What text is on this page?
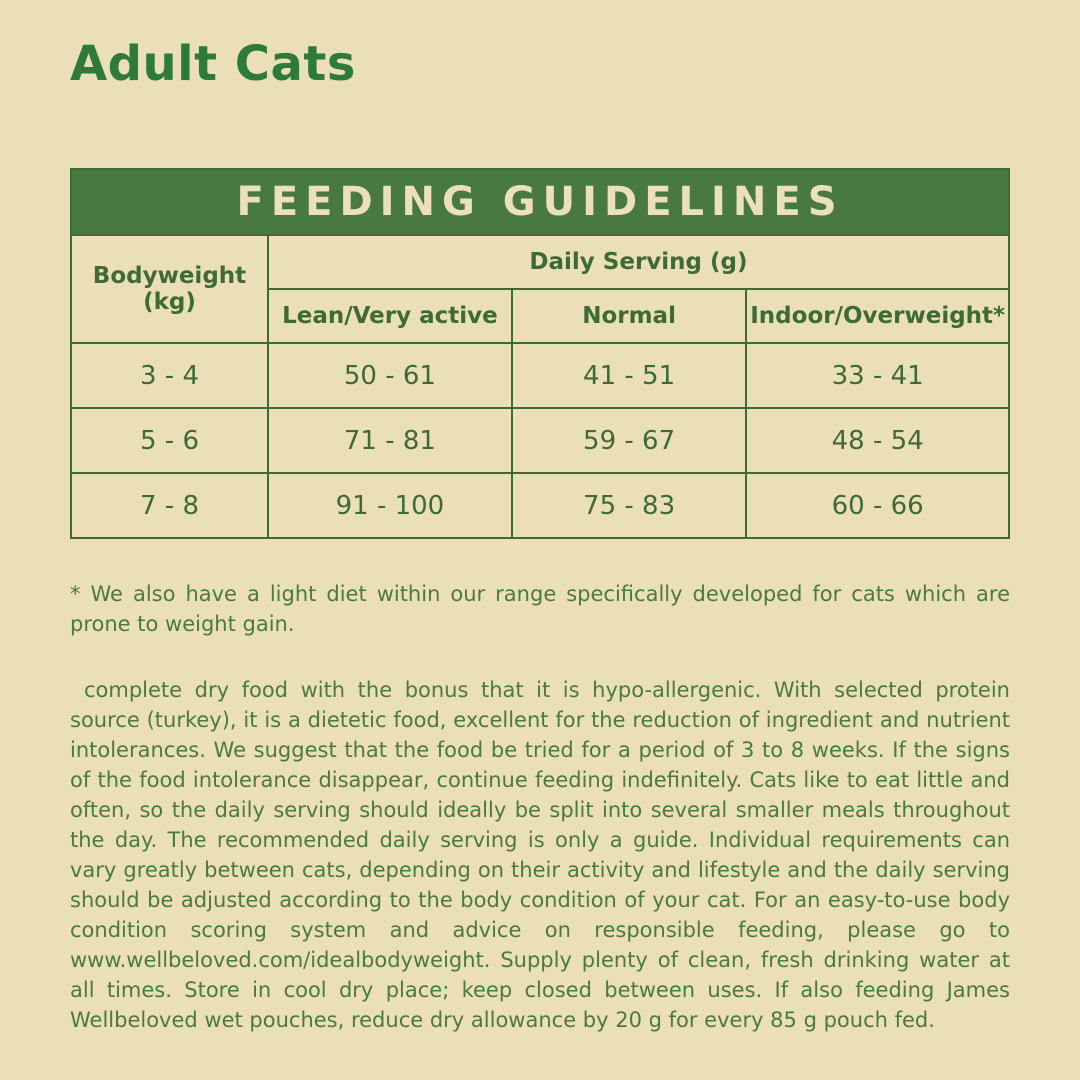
Adult Cats
FEEDING GUIDELINES			
Bodyweight (kg)	Daily Serving (g)		
	Lean/Very active	Normal	Indoor/Overweight*
3 - 4	50 - 61	41 - 51	33 - 41
5 - 6	71 - 81	59 - 67	48 - 54
7 - 8	91 - 100	75 - 83	60 - 66

* We also have a light diet within our range specifically developed for cats which are prone to weight gain.

complete dry food with the bonus that it is hypo-allergenic. With selected protein source (turkey), it is a dietetic food, excellent for the reduction of ingredient and nutrient intolerances. We suggest that the food be tried for a period of 3 to 8 weeks. If the signs of the food intolerance disappear, continue feeding indefinitely. Cats like to eat little and often, so the daily serving should ideally be split into several smaller meals throughout the day. The recommended daily serving is only a guide. Individual requirements can vary greatly between cats, depending on their activity and lifestyle and the daily serving should be adjusted according to the body condition of your cat. For an easy-to-use body condition scoring system and advice on responsible feeding, please go to www.wellbeloved.com/idealbodyweight. Supply plenty of clean, fresh drinking water at all times. Store in cool dry place; keep closed between uses. If also feeding James Wellbeloved wet pouches, reduce dry allowance by 20 g for every 85 g pouch fed.
